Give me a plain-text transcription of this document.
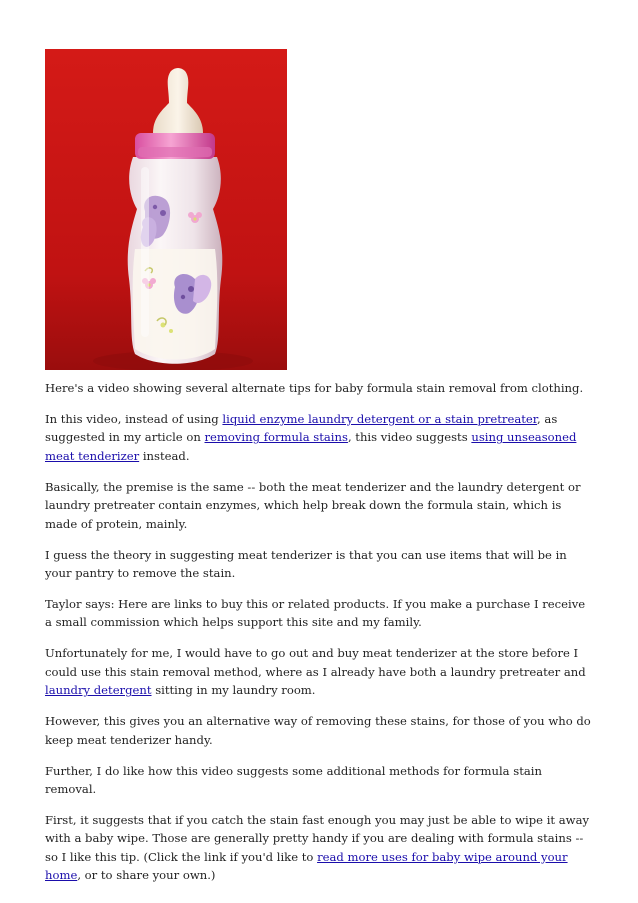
Here's a video showing several alternate tips for baby formula stain removal from clothing.

In this video, instead of using liquid enzyme laundry detergent or a stain pretreater, as suggested in my article on removing formula stains, this video suggests using unseasoned meat tenderizer instead.

Basically, the premise is the same -- both the meat tenderizer and the laundry detergent or laundry pretreater contain enzymes, which help break down the formula stain, which is made of protein, mainly.

I guess the theory in suggesting meat tenderizer is that you can use items that will be in your pantry to remove the stain.

Taylor says: Here are links to buy this or related products. If you make a purchase I receive a small commission which helps support this site and my family.

Unfortunately for me, I would have to go out and buy meat tenderizer at the store before I could use this stain removal method, where as I already have both a laundry pretreater and laundry detergent sitting in my laundry room.

However, this gives you an alternative way of removing these stains, for those of you who do keep meat tenderizer handy.

Further, I do like how this video suggests some additional methods for formula stain removal.

First, it suggests that if you catch the stain fast enough you may just be able to wipe it away with a baby wipe. Those are generally pretty handy if you are dealing with formula stains -- so I like this tip. (Click the link if you'd like to read more uses for baby wipe around your home, or to share your own.)
